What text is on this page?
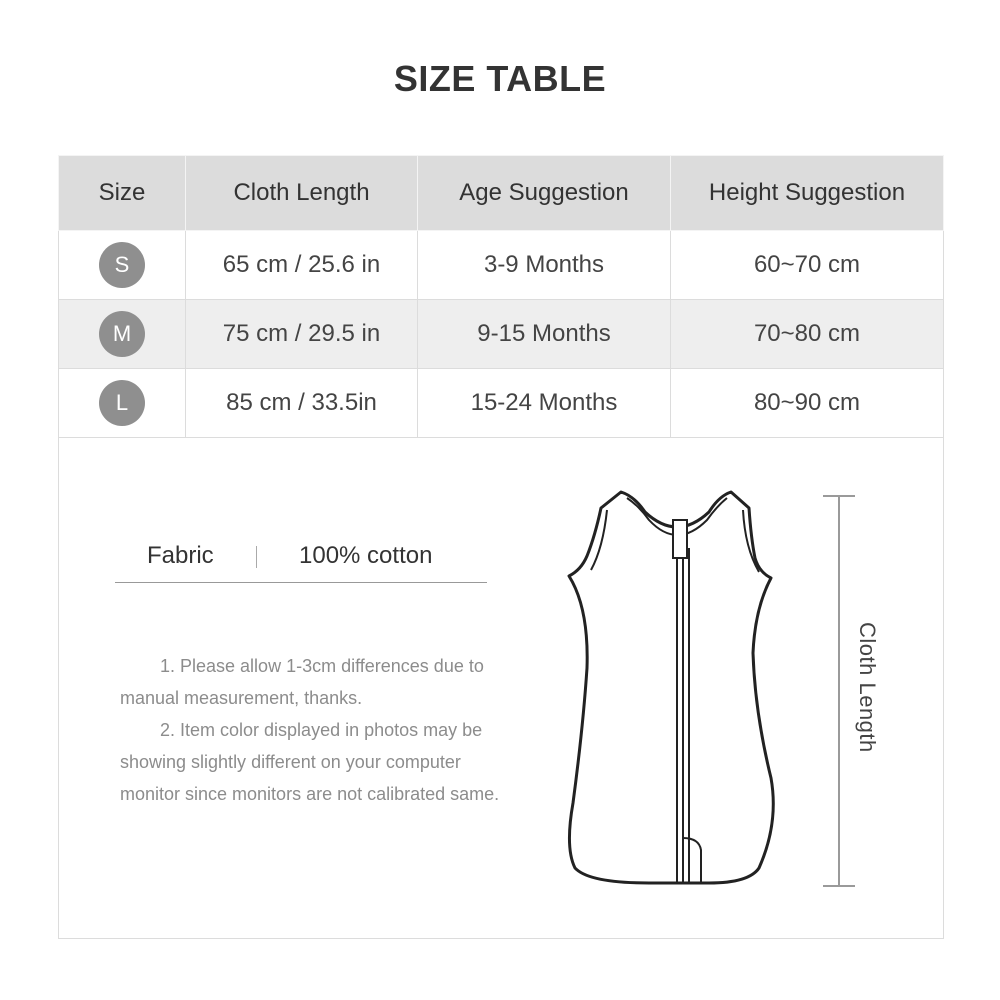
SIZE TABLE
Size	Cloth Length	Age Suggestion	Height Suggestion
S	65 cm / 25.6 in	3-9 Months	60~70 cm
M	75 cm / 29.5 in	9-15 Months	70~80 cm
L	85 cm / 33.5in	15-24 Months	80~90 cm
Fabric	100% cotton

1. Please allow 1-3cm differences due to manual measurement, thanks.

2. Item color displayed in photos may be showing slightly different on your computer monitor since monitors are not calibrated same.

Cloth Length
